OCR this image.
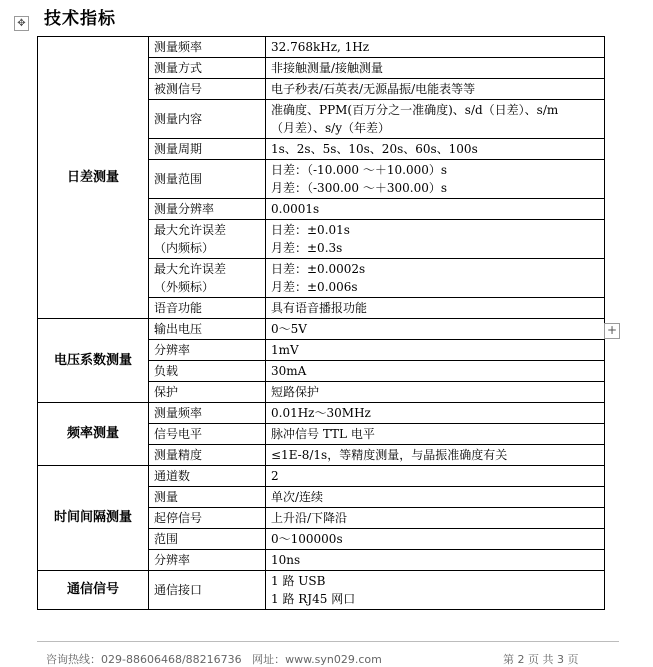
技术指标
✥
日差测量	测量频率	32.768kHz, 1Hz

	测量方式	非接触测量/接触测量

	被测信号	电子秒表/石英表/无源晶振/电能表等等

	测量内容	准确度、PPM(百万分之一准确度)、s/d（日差）、s/m
（月差）、s/y（年差）

	测量周期	1s、2s、5s、10s、20s、60s、100s

	测量范围	日差：（-10.000 ～＋10.000）s
月差：（-300.00 ～＋300.00）s

	测量分辨率	0.0001s

	最大允许误差
（内频标）	日差：±0.01s
月差：±0.3s

	最大允许误差
（外频标）	日差：±0.0002s
月差：±0.006s

	语音功能	具有语音播报功能

电压系数测量	输出电压	0～5V

	分辨率	1mV

	负载	30mA

	保护	短路保护

频率测量	测量频率	0.01Hz～30MHz

	信号电平	脉冲信号 TTL 电平

	测量精度	≤1E-8/1s，等精度测量，与晶振准确度有关

时间间隔测量	通道数	2

	测量	单次/连续

	起停信号	上升沿/下降沿

	范围	0～100000s

	分辨率	10ns

通信信号	通信接口	1 路 USB
1 路 RJ45 网口
+
咨询热线：029-88606468/88216736   网址：www.syn029.com	第 2 页 共 3 页
